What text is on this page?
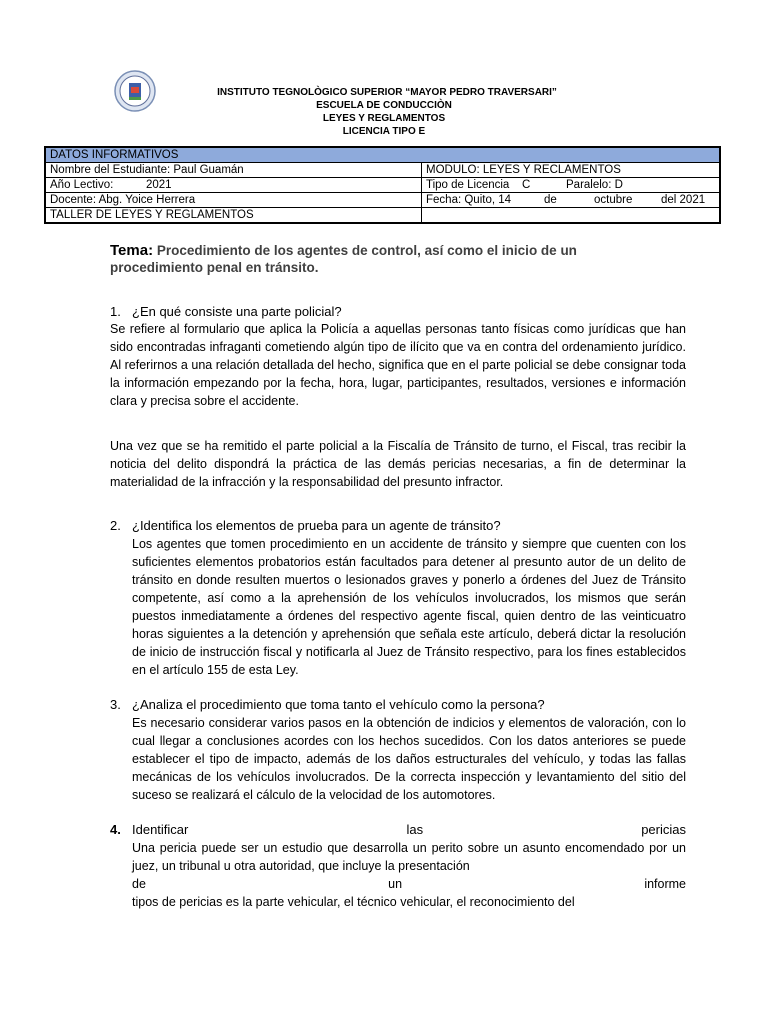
INSTITUTO TEGNOLÒGICO SUPERIOR “MAYOR PEDRO TRAVERSARI”
ESCUELA DE CONDUCCIÒN
LEYES Y REGLAMENTOS
LICENCIA TIPO E
DATOS INFORMATIVOS	
Nombre del Estudiante: Paul Guamán	MODULO: LEYES Y RECLAMENTOS
Año Lectivo: 2021	Tipo de Licencia C Paralelo: D
Docente: Abg. Yoice Herrera	Fecha: Quito, 14 de octubre del 2021
TALLER DE LEYES Y REGLAMENTOS	
Tema: Procedimiento de los agentes de control, así como el inicio de un procedimiento penal en tránsito.
1. ¿En qué consiste una parte policial?
Se refiere al formulario que aplica la Policía a aquellas personas tanto físicas como jurídicas que han sido encontradas infraganti cometiendo algún tipo de ilícito que va en contra del ordenamiento jurídico. Al referirnos a una relación detallada del hecho, significa que en el parte policial se debe consignar toda la información empezando por la fecha, hora, lugar, participantes, resultados, versiones e información clara y precisa sobre el accidente.
Una vez que se ha remitido el parte policial a la Fiscalía de Tránsito de turno, el Fiscal, tras recibir la noticia del delito dispondrá la práctica de las demás pericias necesarias, a fin de determinar la materialidad de la infracción y la responsabilidad del presunto infractor.
2. ¿Identifica los elementos de prueba para un agente de tránsito?
Los agentes que tomen procedimiento en un accidente de tránsito y siempre que cuenten con los suficientes elementos probatorios están facultados para detener al presunto autor de un delito de tránsito en donde resulten muertos o lesionados graves y ponerlo a órdenes del Juez de Tránsito competente, así como a la aprehensión de los vehículos involucrados, los mismos que serán puestos inmediatamente a órdenes del respectivo agente fiscal, quien dentro de las veinticuatro horas siguientes a la detención y aprehensión que señala este artículo, deberá dictar la resolución de inicio de instrucción fiscal y notificarla al Juez de Tránsito respectivo, para los fines establecidos en el artículo 155 de esta Ley.
3. ¿Analiza el procedimiento que toma tanto el vehículo como la persona?
Es necesario considerar varios pasos en la obtención de indicios y elementos de valoración, con lo cual llegar a conclusiones acordes con los hechos sucedidos. Con los datos anteriores se puede establecer el tipo de impacto, además de los daños estructurales del vehículo, y todas las fallas mecánicas de los vehículos involucrados. De la correcta inspección y levantamiento del sitio del suceso se realizará el cálculo de la velocidad de los automotores.
4. Identificar	las	pericias
Una pericia puede ser un estudio que desarrolla un perito sobre un asunto encomendado por un juez, un tribunal u otra autoridad, que incluye la presentación
de	un	informe
tipos de pericias es la parte vehicular, el técnico vehicular, el reconocimiento del
